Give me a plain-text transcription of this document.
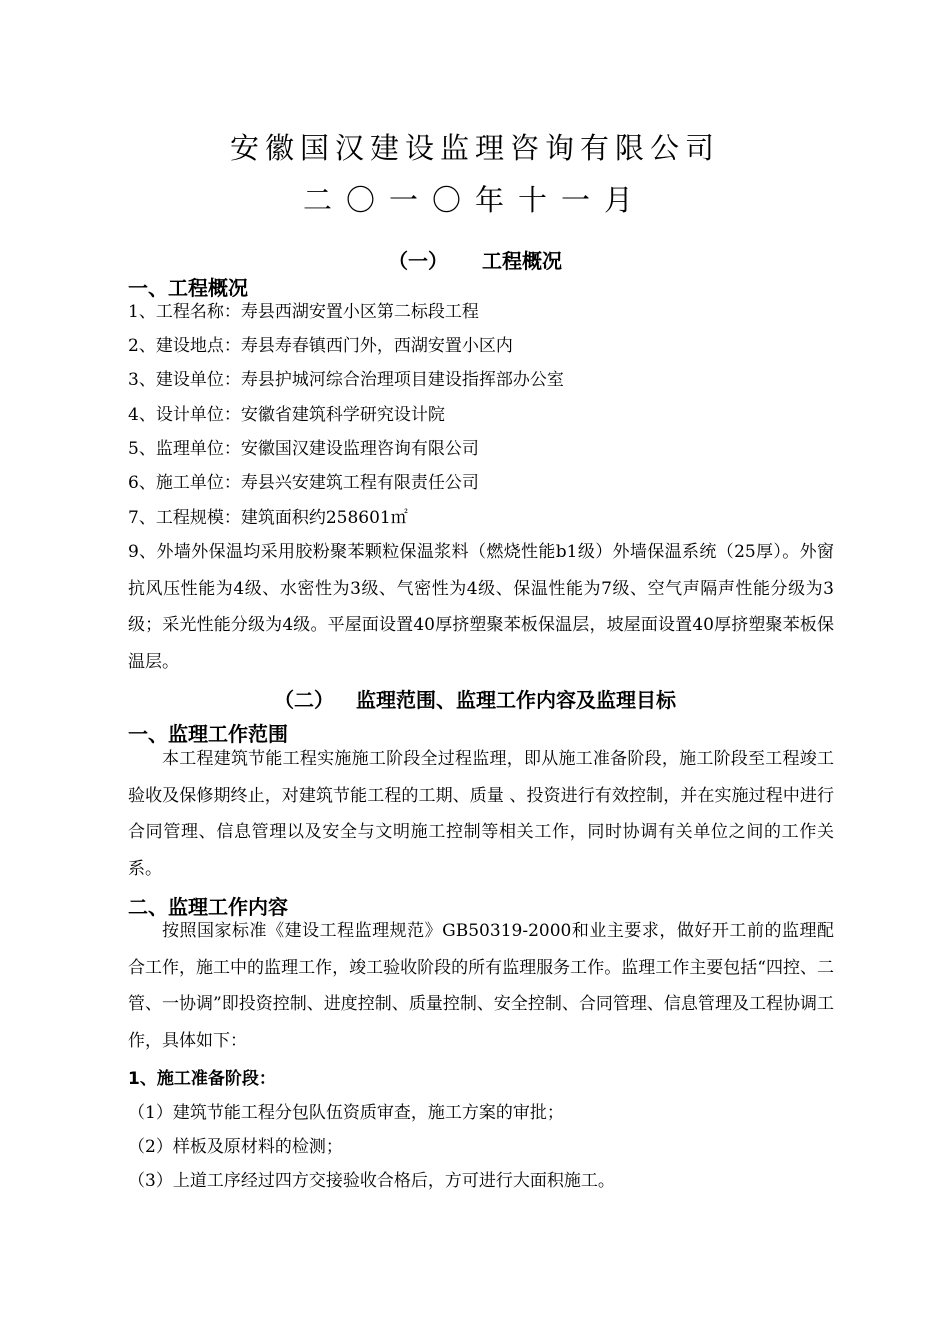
安徽国汉建设监理咨询有限公司
二〇一〇年十一月
（一） 工程概况
一、工程概况
1、工程名称：寿县西湖安置小区第二标段工程
2、建设地点：寿县寿春镇西门外，西湖安置小区内
3、建设单位：寿县护城河综合治理项目建设指挥部办公室
4、设计单位：安徽省建筑科学研究设计院
5、监理单位：安徽国汉建设监理咨询有限公司
6、施工单位：寿县兴安建筑工程有限责任公司
7、工程规模：建筑面积约258601㎡
9、外墙外保温均采用胶粉聚苯颗粒保温浆料（燃烧性能b1级）外墙保温系统（25厚）。外窗抗风压性能为4级、水密性为3级、气密性为4级、保温性能为7级、空气声隔声性能分级为3级；采光性能分级为4级。平屋面设置40厚挤塑聚苯板保温层，坡屋面设置40厚挤塑聚苯板保温层。
（二） 监理范围、监理工作内容及监理目标
一、监理工作范围
本工程建筑节能工程实施施工阶段全过程监理，即从施工准备阶段，施工阶段至工程竣工验收及保修期终止，对建筑节能工程的工期、质量 、投资进行有效控制，并在实施过程中进行合同管理、信息管理以及安全与文明施工控制等相关工作，同时协调有关单位之间的工作关系。
二、监理工作内容
按照国家标准《建设工程监理规范》GB50319-2000和业主要求，做好开工前的监理配合工作，施工中的监理工作，竣工验收阶段的所有监理服务工作。监理工作主要包括“四控、二管、一协调”即投资控制、进度控制、质量控制、安全控制、合同管理、信息管理及工程协调工作，具体如下：
1、施工准备阶段：
（1）建筑节能工程分包队伍资质审查，施工方案的审批；
（2）样板及原材料的检测；
（3）上道工序经过四方交接验收合格后，方可进行大面积施工。
